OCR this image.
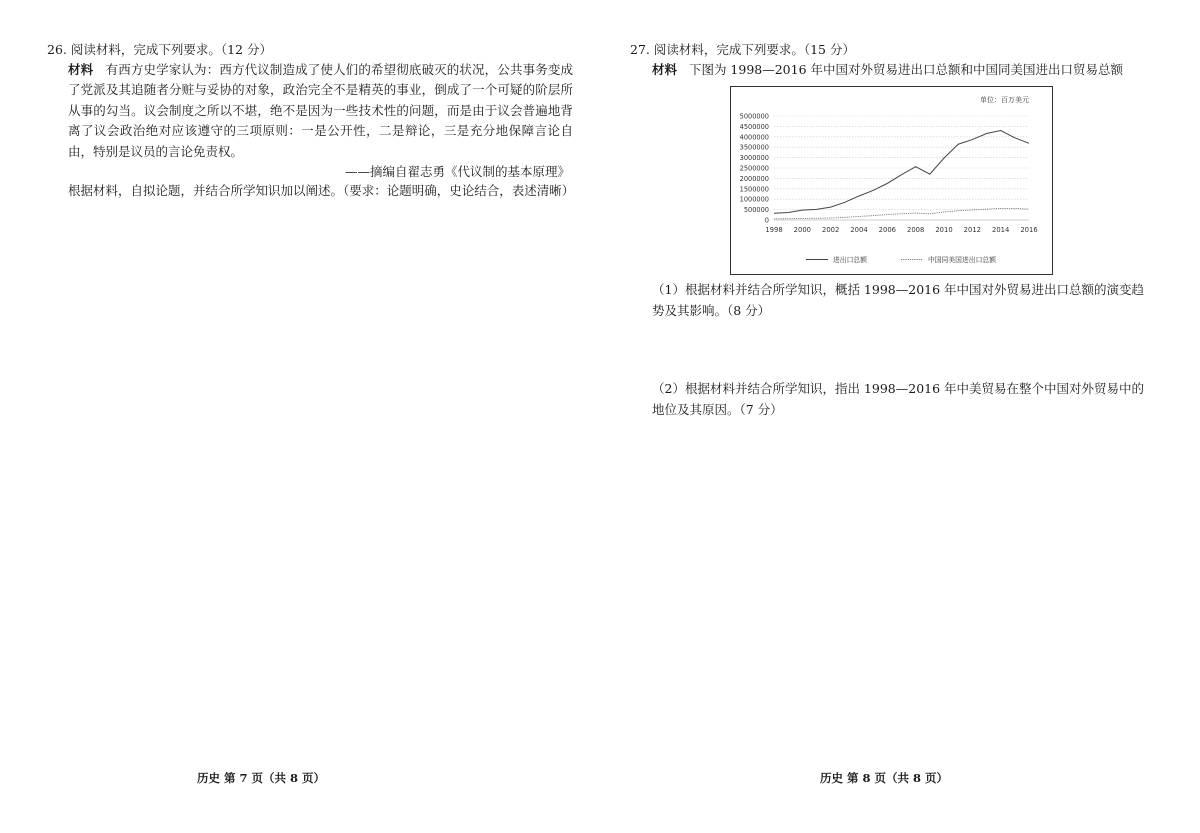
26. 阅读材料，完成下列要求。（12 分）
材料 有西方史学家认为：西方代议制造成了使人们的希望彻底破灭的状况，公共事务变成了党派及其追随者分赃与妥协的对象，政治完全不是精英的事业，倒成了一个可疑的阶层所从事的勾当。议会制度之所以不堪，绝不是因为一些技术性的问题，而是由于议会普遍地背离了议会政治绝对应该遵守的三项原则：一是公开性，二是辩论，三是充分地保障言论自由，特别是议员的言论免责权。
——摘编自翟志勇《代议制的基本原理》
根据材料，自拟论题，并结合所学知识加以阐述。（要求：论题明确，史论结合，表述清晰）
历史 第 7 页（共 8 页）
27. 阅读材料，完成下列要求。（15 分）
材料 下图为 1998—2016 年中国对外贸易进出口总额和中国同美国进出口贸易总额
（1）根据材料并结合所学知识，概括 1998—2016 年中国对外贸易进出口总额的演变趋势及其影响。（8 分）
（2）根据材料并结合所学知识，指出 1998—2016 年中美贸易在整个中国对外贸易中的地位及其原因。（7 分）
历史 第 8 页（共 8 页）
单位：百万美元
0
500000
1000000
1500000
2000000
2500000
3000000
3500000
4000000
4500000
5000000
1998 2000 2002 2004 2006 2008 2010 2012 2014 2016
进出口总额	中国同美国进出口总额
